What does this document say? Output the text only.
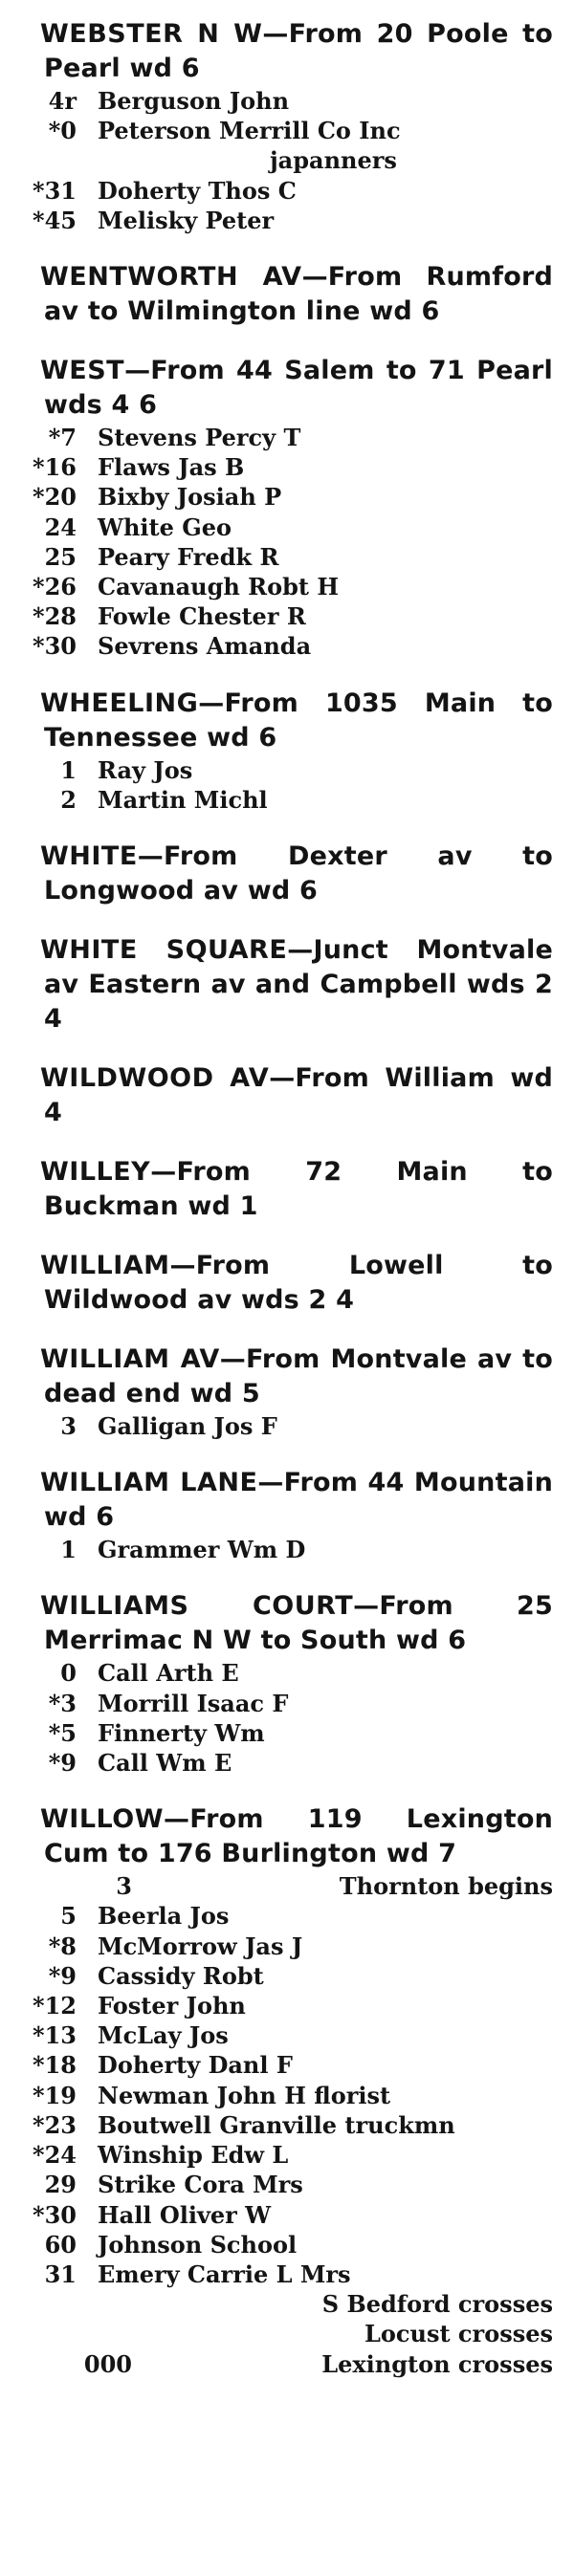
WEBSTER N W—From 20 Poole to Pearl wd 6
4r Berguson John
*0 Peterson Merrill Co Inc
japanners
*31 Doherty Thos C
*45 Melisky Peter
WENTWORTH AV—From Rumford av to Wilmington line wd 6
WEST—From 44 Salem to 71 Pearl wds 4 6
*7 Stevens Percy T
*16 Flaws Jas B
*20 Bixby Josiah P
24 White Geo
25 Peary Fredk R
*26 Cavanaugh Robt H
*28 Fowle Chester R
*30 Sevrens Amanda
WHEELING—From 1035 Main to Tennessee wd 6
1 Ray Jos
2 Martin Michl
WHITE—From Dexter av to Longwood av wd 6
WHITE SQUARE—Junct Montvale av Eastern av and Campbell wds 2 4
WILDWOOD AV—From William wd 4
WILLEY—From 72 Main to Buckman wd 1
WILLIAM—From Lowell to Wildwood av wds 2 4
WILLIAM AV—From Montvale av to dead end wd 5
3 Galligan Jos F
WILLIAM LANE—From 44 Mountain wd 6
1 Grammer Wm D
WILLIAMS COURT—From 25 Merrimac N W to South wd 6
0 Call Arth E
*3 Morrill Isaac F
*5 Finnerty Wm
*9 Call Wm E
WILLOW—From 119 Lexington Cum to 176 Burlington wd 7
3	Thornton begins
5 Beerla Jos
*8 McMorrow Jas J
*9 Cassidy Robt
*12 Foster John
*13 McLay Jos
*18 Doherty Danl F
*19 Newman John H florist
*23 Boutwell Granville truckmn
*24 Winship Edw L
29 Strike Cora Mrs
*30 Hall Oliver W
60 Johnson School
31 Emery Carrie L Mrs
S Bedford crosses
Locust crosses
000	Lexington crosses
